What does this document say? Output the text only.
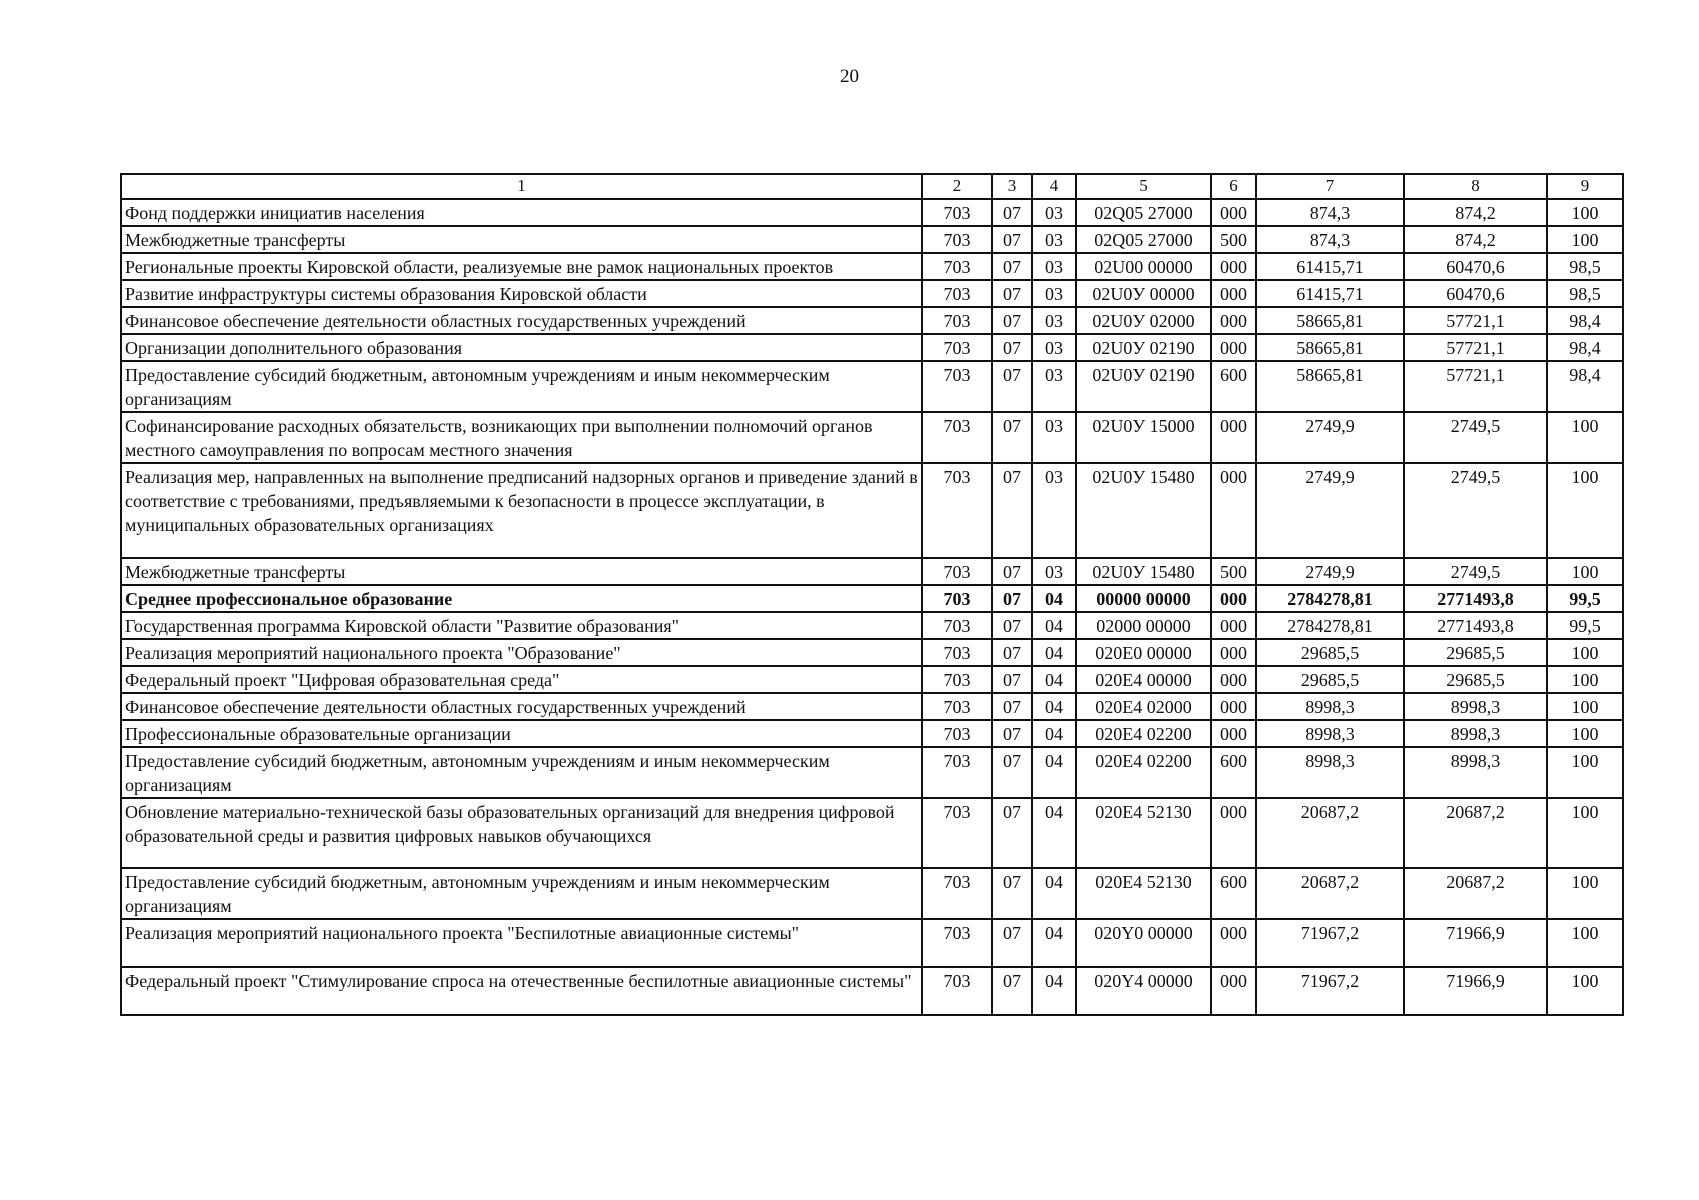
20
1	2	3	4	5	6	7	8	9
Фонд поддержки инициатив населения	703	07	03	02Q05 27000	000	874,3	874,2	100
Межбюджетные трансферты	703	07	03	02Q05 27000	500	874,3	874,2	100
Региональные проекты Кировской области, реализуемые вне рамок национальных проектов	703	07	03	02U00 00000	000	61415,71	60470,6	98,5
Развитие инфраструктуры системы образования Кировской области	703	07	03	02U0У 00000	000	61415,71	60470,6	98,5
Финансовое обеспечение деятельности областных государственных учреждений	703	07	03	02U0У 02000	000	58665,81	57721,1	98,4
Организации дополнительного образования	703	07	03	02U0У 02190	000	58665,81	57721,1	98,4
Предоставление субсидий бюджетным, автономным учреждениям и иным некоммерческим организациям	703	07	03	02U0У 02190	600	58665,81	57721,1	98,4
Софинансирование расходных обязательств, возникающих при выполнении полномочий органов местного самоуправления по вопросам местного значения	703	07	03	02U0У 15000	000	2749,9	2749,5	100
Реализация мер, направленных на выполнение предписаний надзорных органов и приведение зданий в соответствие с требованиями, предъявляемыми к безопасности в процессе эксплуатации, в муниципальных образовательных организациях	703	07	03	02U0У 15480	000	2749,9	2749,5	100
Межбюджетные трансферты	703	07	03	02U0У 15480	500	2749,9	2749,5	100
Среднее профессиональное образование	703	07	04	00000 00000	000	2784278,81	2771493,8	99,5
Государственная программа Кировской области "Развитие образования"	703	07	04	02000 00000	000	2784278,81	2771493,8	99,5
Реализация мероприятий национального проекта "Образование"	703	07	04	020E0 00000	000	29685,5	29685,5	100
Федеральный проект "Цифровая образовательная среда"	703	07	04	020E4 00000	000	29685,5	29685,5	100
Финансовое обеспечение деятельности областных государственных учреждений	703	07	04	020E4 02000	000	8998,3	8998,3	100
Профессиональные образовательные организации	703	07	04	020E4 02200	000	8998,3	8998,3	100
Предоставление субсидий бюджетным, автономным учреждениям и иным некоммерческим организациям	703	07	04	020E4 02200	600	8998,3	8998,3	100
Обновление материально-технической базы образовательных организаций для внедрения цифровой образовательной среды и развития цифровых навыков обучающихся	703	07	04	020E4 52130	000	20687,2	20687,2	100
Предоставление субсидий бюджетным, автономным учреждениям и иным некоммерческим организациям	703	07	04	020E4 52130	600	20687,2	20687,2	100
Реализация мероприятий национального проекта "Беспилотные авиационные системы"	703	07	04	020Y0 00000	000	71967,2	71966,9	100
Федеральный проект "Стимулирование спроса на отечественные беспилотные авиационные системы"	703	07	04	020Y4 00000	000	71967,2	71966,9	100
